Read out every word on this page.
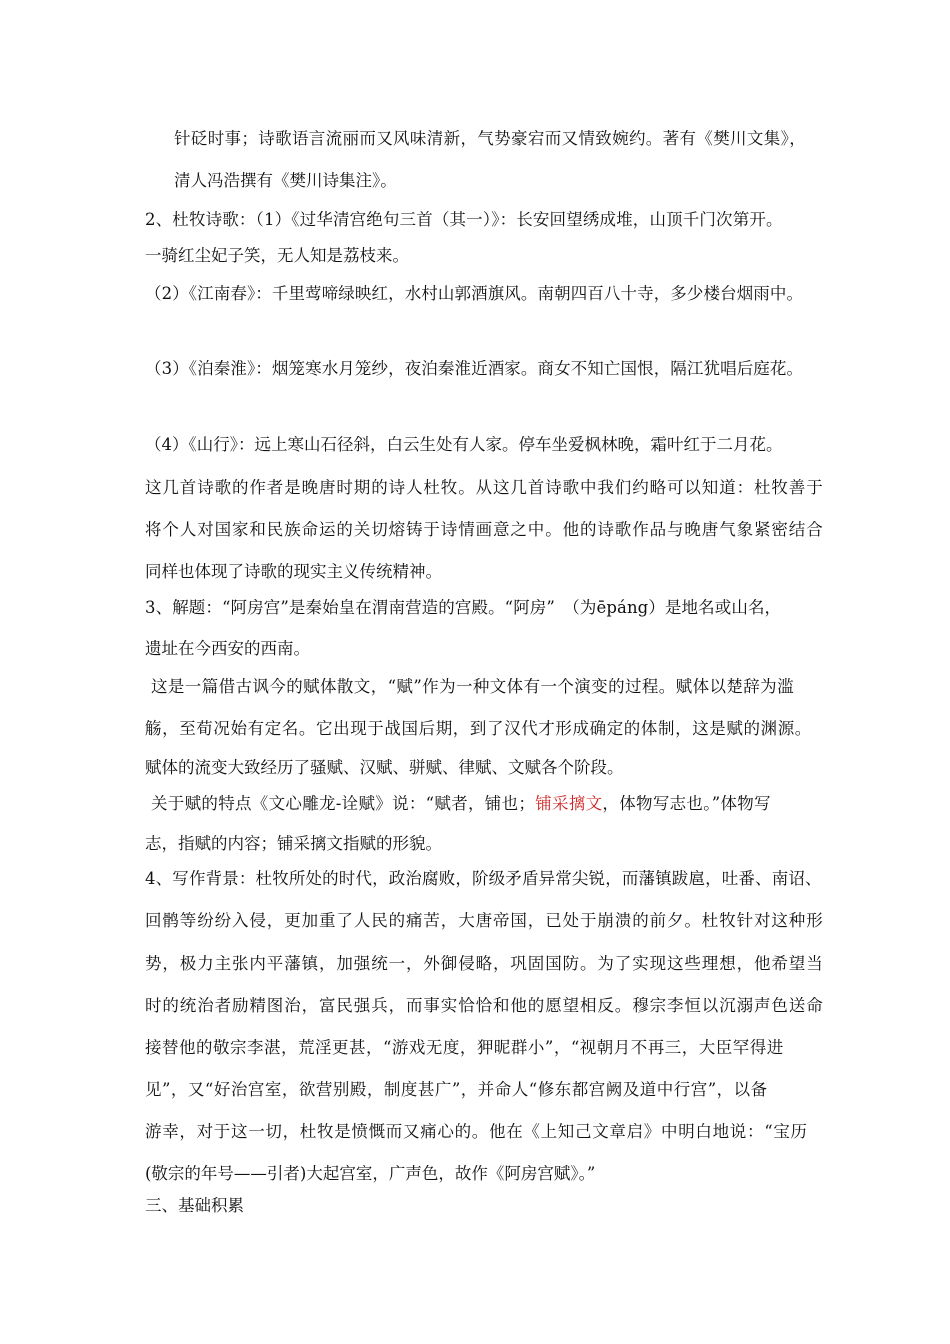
针砭时事；诗歌语言流丽而又风味清新，气势豪宕而又情致婉约。著有《樊川文集》，
清人冯浩撰有《樊川诗集注》。
2、杜牧诗歌：（1）《过华清宫绝句三首（其一）》：长安回望绣成堆，山顶千门次第开。
一骑红尘妃子笑，无人知是荔枝来。
（2）《江南春》：千里莺啼绿映红，水村山郭酒旗风。南朝四百八十寺，多少楼台烟雨中。
（3）《泊秦淮》：烟笼寒水月笼纱，夜泊秦淮近酒家。商女不知亡国恨，隔江犹唱后庭花。
（4）《山行》：远上寒山石径斜，白云生处有人家。停车坐爱枫林晚，霜叶红于二月花。
这几首诗歌的作者是晚唐时期的诗人杜牧。从这几首诗歌中我们约略可以知道：杜牧善于
将个人对国家和民族命运的关切熔铸于诗情画意之中。他的诗歌作品与晚唐气象紧密结合
同样也体现了诗歌的现实主义传统精神。
3、解题：“阿房宫”是秦始皇在渭南营造的宫殿。“阿房”　（为ēpáng）是地名或山名，
遗址在今西安的西南。
这是一篇借古讽今的赋体散文，“赋”作为一种文体有一个演变的过程。赋体以楚辞为滥
觞，至荀况始有定名。它出现于战国后期，到了汉代才形成确定的体制，这是赋的渊源。
赋体的流变大致经历了骚赋、汉赋、骈赋、律赋、文赋各个阶段。
关于赋的特点《文心雕龙-诠赋》说：“赋者，铺也；铺采摛文，体物写志也。”体物写
志，指赋的内容；铺采摛文指赋的形貌。
4、写作背景：杜牧所处的时代，政治腐败，阶级矛盾异常尖锐，而藩镇跋扈，吐番、南诏、
回鹘等纷纷入侵，更加重了人民的痛苦，大唐帝国，已处于崩溃的前夕。杜牧针对这种形
势，极力主张内平藩镇，加强统一，外御侵略，巩固国防。为了实现这些理想，他希望当
时的统治者励精图治，富民强兵，而事实恰恰和他的愿望相反。穆宗李恒以沉溺声色送命
接替他的敬宗李湛，荒淫更甚，“游戏无度，狎昵群小”，“视朝月不再三，大臣罕得进
见”，又“好治宫室，欲营别殿，制度甚广”，并命人“修东都宫阙及道中行宫”，以备
游幸，对于这一切，杜牧是愤慨而又痛心的。他在《上知己文章启》中明白地说：“宝历
(敬宗的年号——引者)大起宫室，广声色，故作《阿房宫赋》。”
三、基础积累
